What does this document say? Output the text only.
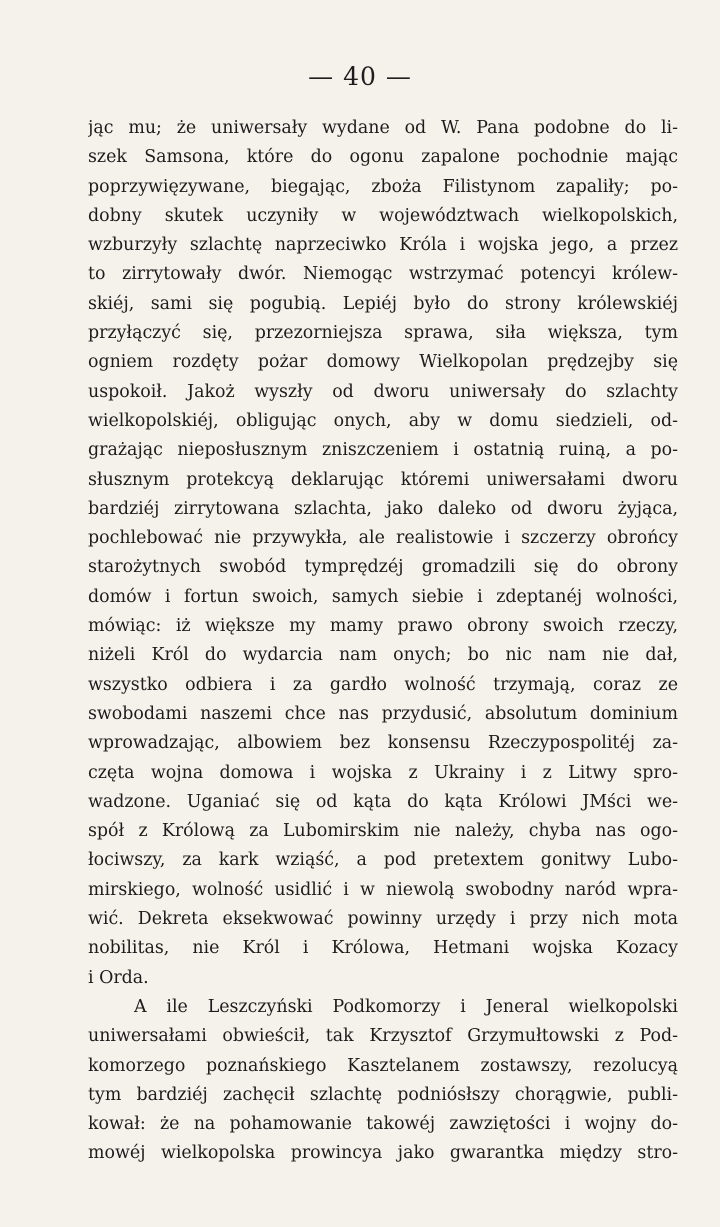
— 40 —
jąc mu; że uniwersały wydane od W. Pana podobne do li-
szek Samsona, które do ogonu zapalone pochodnie mając
poprzywięzywane, biegając, zboża Filistynom zapaliły; po-
dobny skutek uczyniły w województwach wielkopolskich,
wzburzyły szlachtę naprzeciwko Króla i wojska jego, a przez
to zirrytowały dwór. Niemogąc wstrzymać potencyi królew-
skiéj, sami się pogubią. Lepiéj było do strony królewskiéj
przyłączyć się, przezorniejsza sprawa, siła większa, tym
ogniem rozdęty pożar domowy Wielkopolan prędzejby się
uspokoił. Jakoż wyszły od dworu uniwersały do szlachty
wielkopolskiéj, obligując onych, aby w domu siedzieli, od-
grażając nieposłusznym zniszczeniem i ostatnią ruiną, a po-
słusznym protekcyą deklarując któremi uniwersałami dworu
bardziéj zirrytowana szlachta, jako daleko od dworu żyjąca,
pochlebować nie przywykła, ale realistowie i szczerzy obrońcy
starożytnych swobód tymprędzéj gromadzili się do obrony
domów i fortun swoich, samych siebie i zdeptanéj wolności,
mówiąc: iż większe my mamy prawo obrony swoich rzeczy,
niżeli Król do wydarcia nam onych; bo nic nam nie dał,
wszystko odbiera i za gardło wolność trzymają, coraz ze
swobodami naszemi chce nas przydusić, absolutum dominium
wprowadzając, albowiem bez konsensu Rzeczypospolitéj za-
częta wojna domowa i wojska z Ukrainy i z Litwy spro-
wadzone. Uganiać się od kąta do kąta Królowi JMści we-
spół z Królową za Lubomirskim nie należy, chyba nas ogo-
łociwszy, za kark wziąść, a pod pretextem gonitwy Lubo-
mirskiego, wolność usidlić i w niewolą swobodny naród wpra-
wić. Dekreta eksekwować powinny urzędy i przy nich mota
nobilitas, nie Król i Królowa, Hetmani wojska Kozacy
i Orda.
A ile Leszczyński Podkomorzy i Jeneral wielkopolski
uniwersałami obwieścił, tak Krzysztof Grzymułtowski z Pod-
komorzego poznańskiego Kasztelanem zostawszy, rezolucyą
tym bardziéj zachęcił szlachtę podniósłszy chorągwie, publi-
kował: że na pohamowanie takowéj zawziętości i wojny do-
mowéj wielkopolska prowincya jako gwarantka między stro-
